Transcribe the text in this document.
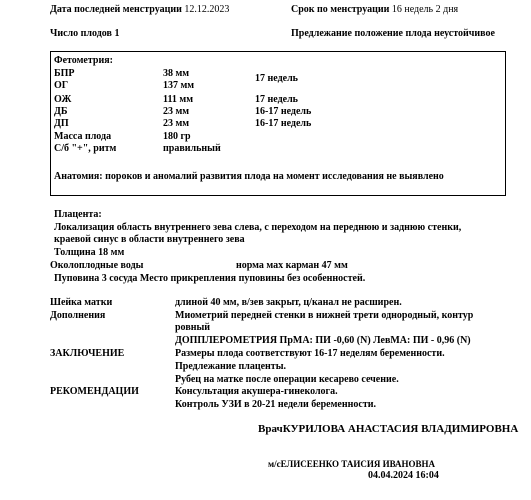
Дата последней менструации 12.12.2023	Срок по менструации 16 недель 2 дня
Число плодов 1	Предлежание положение плода неустойчивое
Фетометрия:
БПР	38 мм	17 недель
ОГ	137 мм
ОЖ	111 мм	17 недель
ДБ	23 мм	16-17 недель
ДП	23 мм	16-17 недель
Масса плода	180 гр
С/б "+", ритм	правильный
Анатомия: пороков и аномалий развития плода на момент исследования не выявлено
Плацента:
Локализация область внутреннего зева слева, с переходом на переднюю и заднюю стенки,
краевой синус в области внутреннего зева
Толщина 18 мм
Околоплодные воды	норма мах карман 47 мм
Пуповина 3 сосуда Место прикрепления пуповины без особенностей.
Шейка матки	длиной 40 мм, в/зев закрыт, ц/канал не расширен.
Дополнения	Миометрий передней стенки в нижней трети однородный, контур
ровный
ДОППЛЕРОМЕТРИЯ ПрМА: ПИ -0,60 (N) ЛевМА: ПИ - 0,96 (N)
ЗАКЛЮЧЕНИЕ	Размеры плода соответствуют 16-17 неделям беременности.
Предлежание плаценты.
Рубец на матке после операции кесарево сечение.
РЕКОМЕНДАЦИИ	Консультация акушера-гинеколога.
Контроль УЗИ в 20-21 недели беременности.
ВрачКУРИЛОВА АНАСТАСИЯ ВЛАДИМИРОВНА
м/сЕЛИСЕЕНКО ТАИСИЯ ИВАНОВНА
04.04.2024 16:04
